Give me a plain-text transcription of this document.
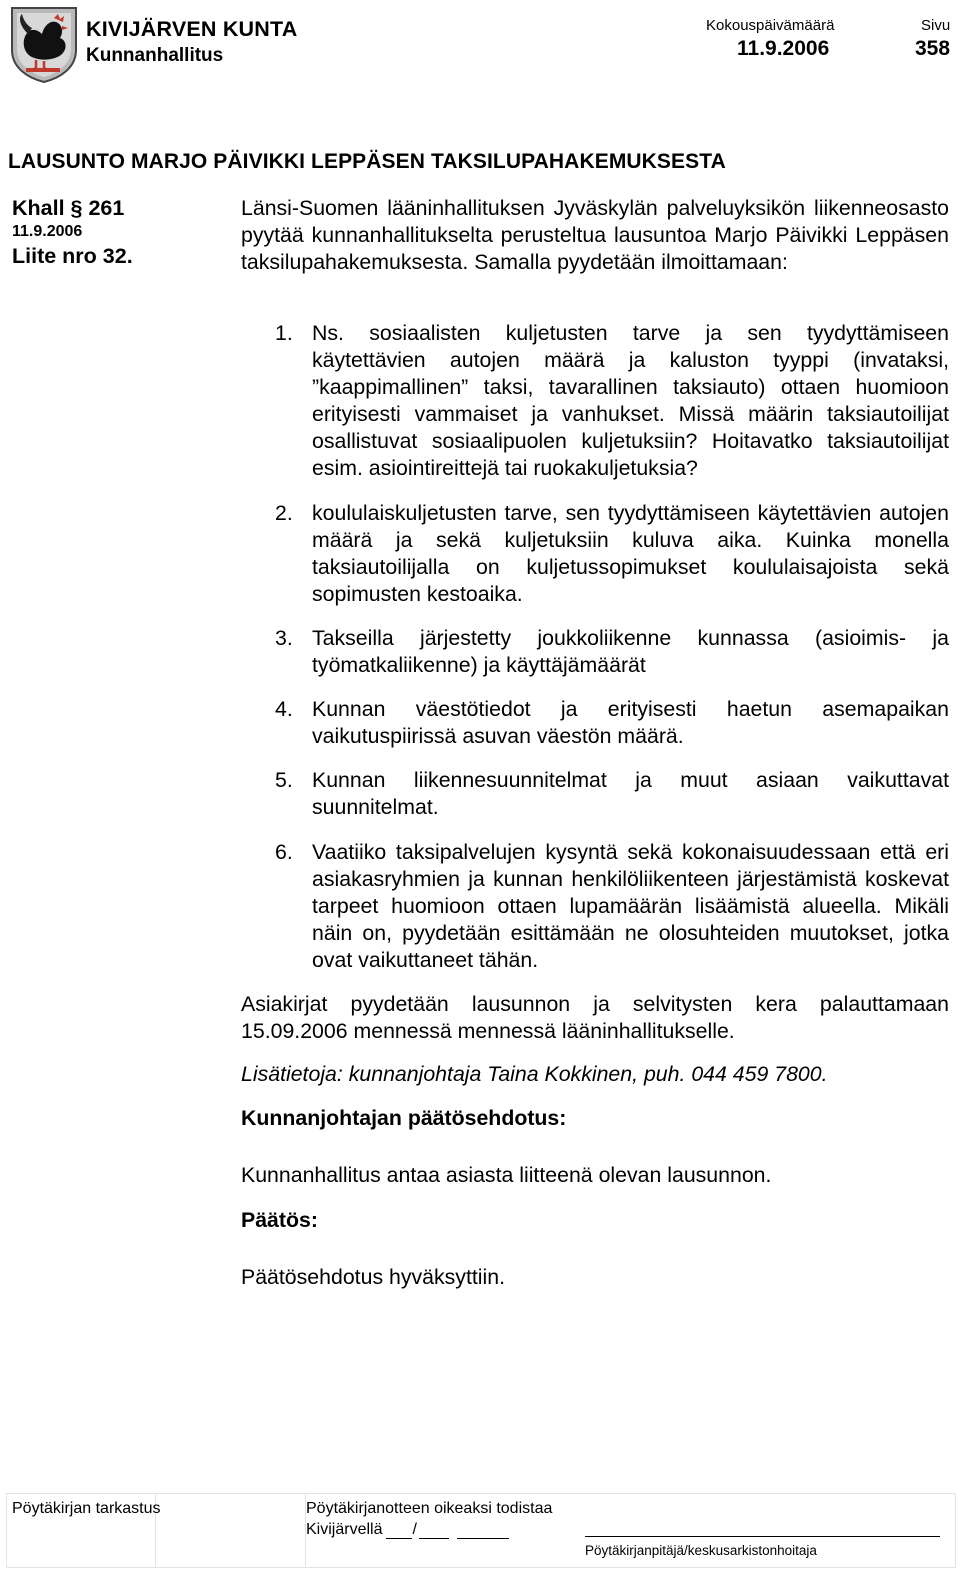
KIVIJÄRVEN KUNTA
Kunnanhallitus
Kokouspäivämäärä
11.9.2006
Sivu
358
LAUSUNTO MARJO PÄIVIKKI LEPPÄSEN TAKSILUPAHAKEMUKSESTA
Khall § 261
11.9.2006
Liite nro 32.
Länsi-Suomen lääninhallituksen Jyväskylän palveluyksikön liikenneosasto pyytää kunnanhallitukselta perusteltua lausuntoa Marjo Päivikki Leppäsen taksilupahakemuksesta. Samalla pyydetään ilmoittamaan:
1. Ns. sosiaalisten kuljetusten tarve ja sen tyydyttämiseen käytettävien autojen määrä ja kaluston tyyppi (invataksi, ”kaappimallinen” taksi, tavarallinen taksiauto) ottaen huomioon erityisesti vammaiset ja vanhukset. Missä määrin taksiautoilijat osallistuvat sosiaalipuolen kuljetuksiin? Hoitavatko taksiautoilijat esim. asiointireittejä tai ruokakuljetuksia?
2. koululaiskuljetusten tarve, sen tyydyttämiseen käytettävien autojen määrä ja sekä kuljetuksiin kuluva aika. Kuinka monella taksiautoilijalla on kuljetussopimukset koululaisajoista sekä sopimusten kestoaika.
3. Takseilla järjestetty joukkoliikenne kunnassa (asioimis- ja työmatkaliikenne) ja käyttäjämäärät
4. Kunnan väestötiedot ja erityisesti haetun asemapaikan vaikutuspiirissä asuvan väestön määrä.
5. Kunnan liikennesuunnitelmat ja muut asiaan vaikuttavat suunnitelmat.
6. Vaatiiko taksipalvelujen kysyntä sekä kokonaisuudessaan että eri asiakasryhmien ja kunnan henkilöliikenteen järjestämistä koskevat tarpeet huomioon ottaen lupamäärän lisäämistä alueella. Mikäli näin on, pyydetään esittämään ne olosuhteiden muutokset, jotka ovat vaikuttaneet tähän.
Asiakirjat pyydetään lausunnon ja selvitysten kera palauttamaan 15.09.2006 mennessä mennessä lääninhallitukselle.
Lisätietoja: kunnanjohtaja Taina Kokkinen, puh. 044 459 7800.
Kunnanjohtajan päätösehdotus:
Kunnanhallitus antaa asiasta liitteenä olevan lausunnon.
Päätös:
Päätösehdotus hyväksyttiin.
Pöytäkirjan tarkastus	Pöytäkirjanotteen oikeaksi todistaa
Kivijärvellä /
Pöytäkirjanpitäjä/keskusarkistonhoitaja
